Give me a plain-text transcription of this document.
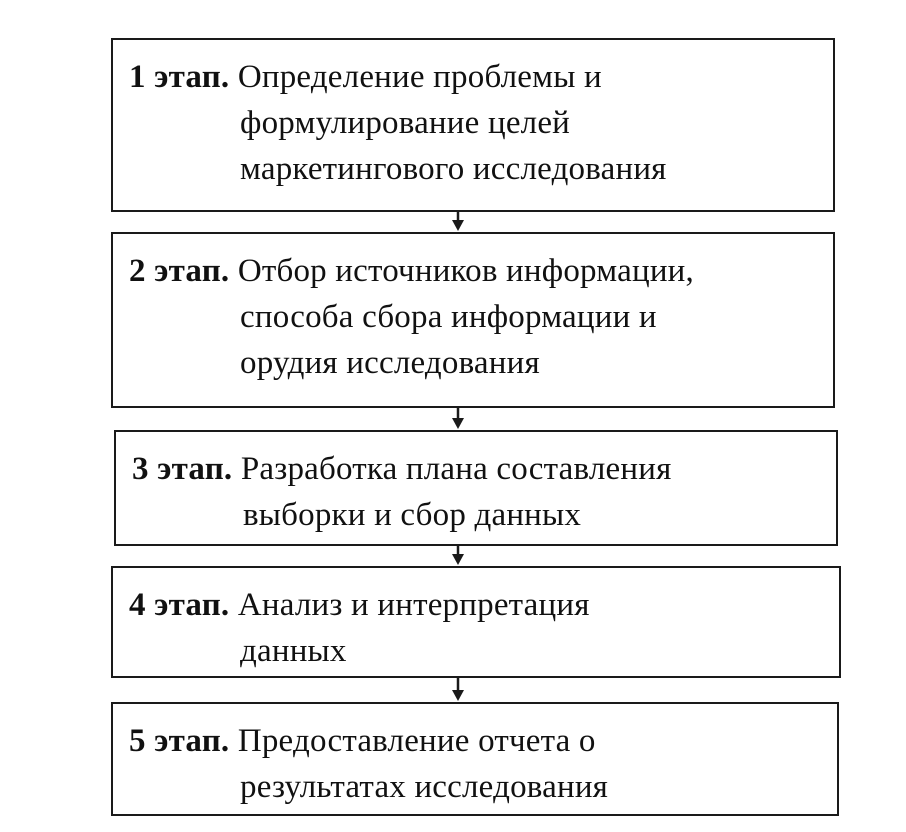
1 этап. Определение проблемы и
формулирование целей
маркетингового исследования
2 этап. Отбор источников информации,
способа сбора информации и
орудия исследования
3 этап. Разработка плана составления
выборки и сбор данных
4 этап. Анализ и интерпретация
данных
5 этап. Предоставление отчета о
результатах исследования
